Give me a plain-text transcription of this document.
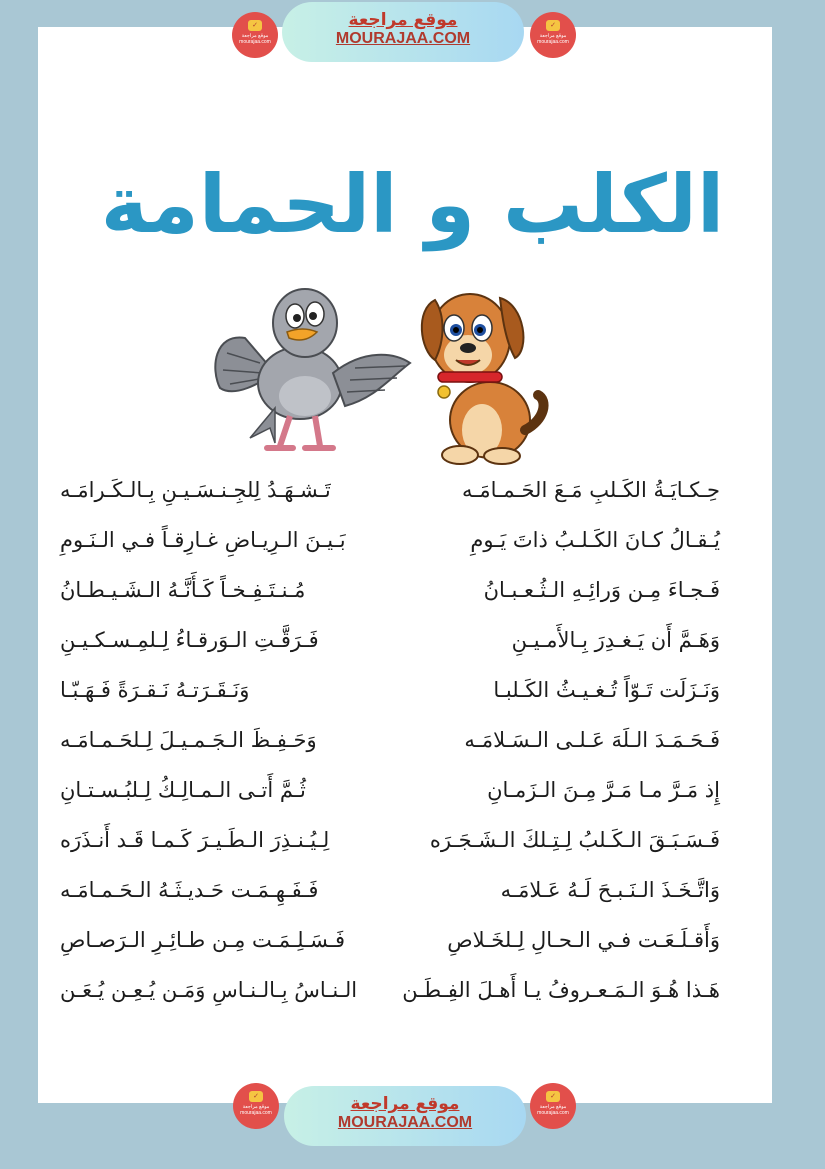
موقع مراجعة
MOURAJAA.COM
✓
موقع مراجعة
mourajaa.com
✓
موقع مراجعة
mourajaa.com
الكلب و الحمامة
حِـكـايَـةُ الكَـلبِ مَـعَ الحَـمـامَـه
تَـشـهَـدُ لِلجِـنـسَـيـنِ بِـالـكَـرامَـه
يُـقـالُ كـانَ الكَـلـبُ ذاتَ يَـومِ
بَـيـنَ الـرِيـاضِ غـارِقـاً فـي الـنَـومِ
فَـجـاءَ مِـن وَرائِـهِ الـثُـعـبـانُ
مُـنـتَـفِـخـاً كَـأَنَّـهُ الـشَـيـطـانُ
وَهَـمَّ أَن يَـغـدِرَ بِـالأَمـيـنِ
فَـرَقَّـتِ الـوَرقـاءُ لِـلمِـسـكـيـنِ
وَنَـزَلَت تَـوّاً تُـغـيـثُ الكَـلبـا
وَنَـقَـرَتـهُ نَـقـرَةً فَـهَـبّـا
فَـحَـمَـدَ الـلَهَ عَـلـى الـسَـلامَـه
وَحَـفِـظَ الـجَـمـيـلَ لِـلحَـمـامَـه
إِذ مَـرَّ مـا مَـرَّ مِـنَ الـزَمـانِ
ثُـمَّ أَتـى الـمـالِـكُ لِـلبُـسـتـانِ
فَـسَـبَـقَ الـكَـلبُ لِـتِـلكَ الـشَـجَـرَه
لِـيُـنـذِرَ الـطَـيـرَ كَـمـا قَـد أَنـذَرَه
وَاتَّـخَـذَ الـنَـبـحَ لَـهُ عَـلامَـه
فَـفَـهِـمَـت حَـديـثَـهُ الـحَـمـامَـه
وَأَقـلَـعَـت فـي الـحـالِ لِـلخَـلاصِ
فَـسَـلِـمَـت مِـن طـائِـرِ الـرَصـاصِ
هَـذا هُـوَ الـمَـعـروفُ يـا أَهـلَ الفِـطَـن
الـنـاسُ بِـالـنـاسِ وَمَـن يُـعِـن يُـعَـن
موقع مراجعة
MOURAJAA.COM
✓
موقع مراجعة
mourajaa.com
✓
موقع مراجعة
mourajaa.com
